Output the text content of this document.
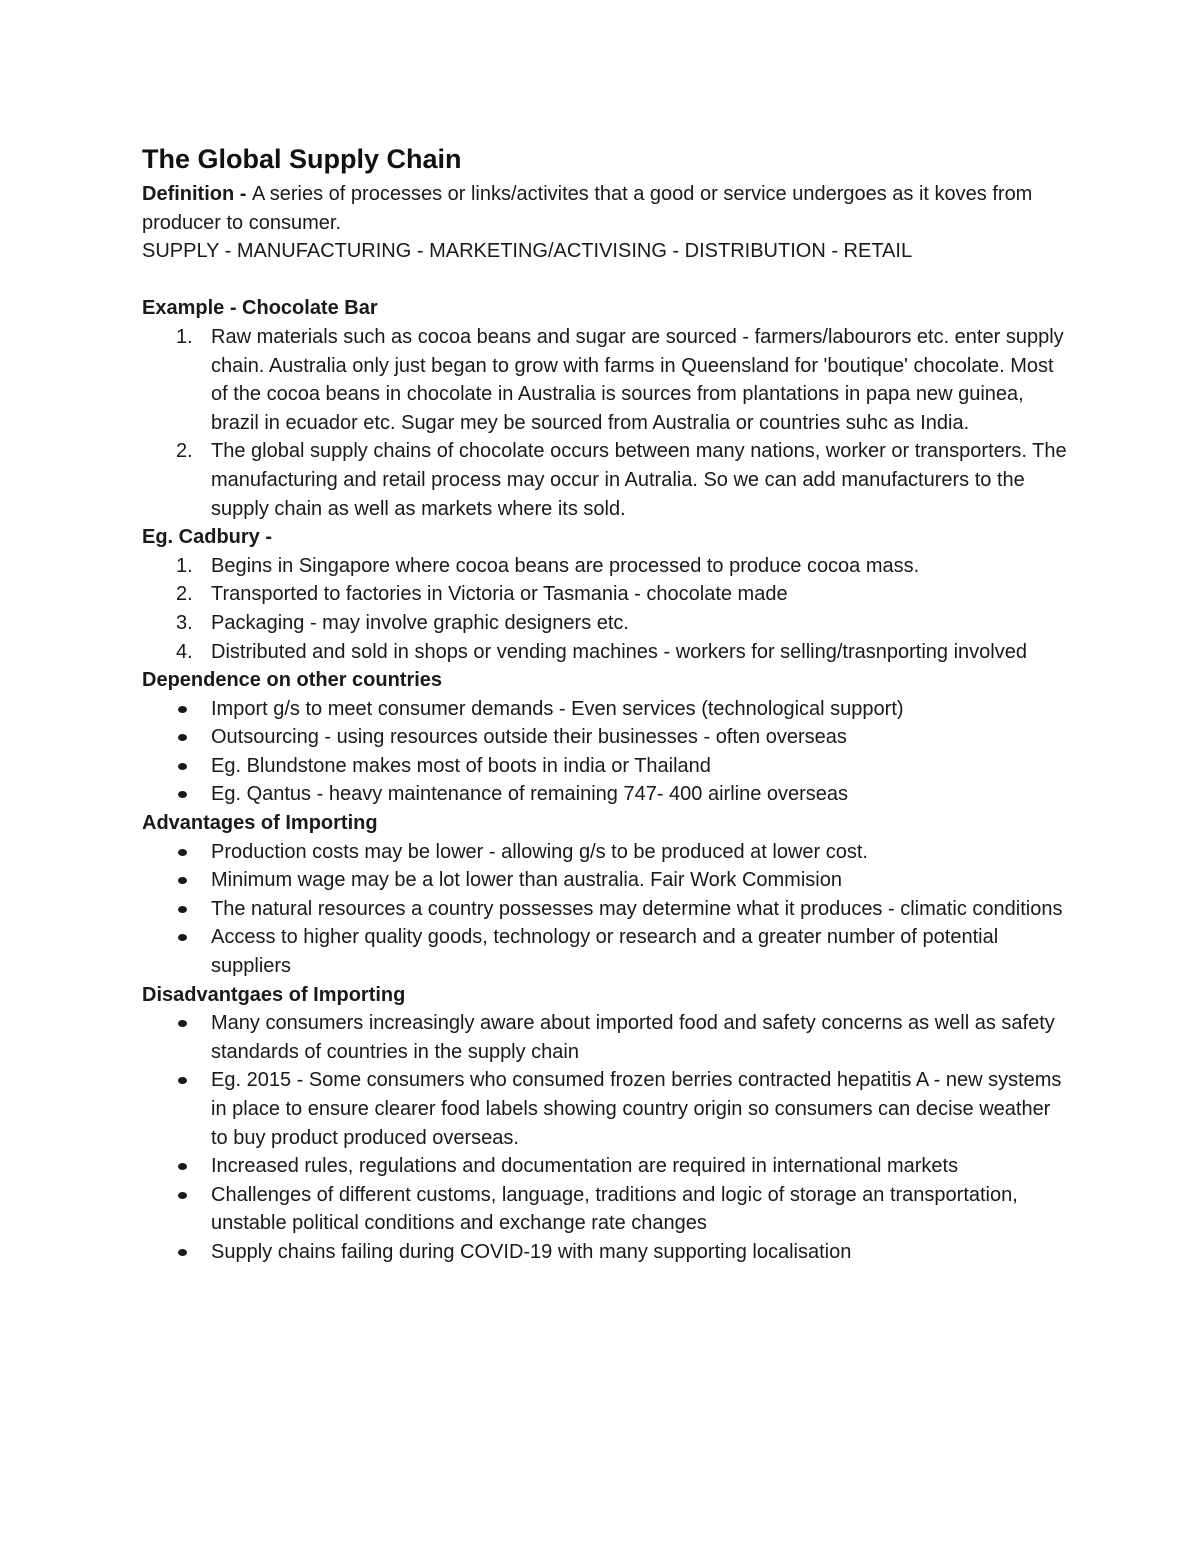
The Global Supply Chain

Definition - A series of processes or links/activites that a good or service undergoes as it koves from producer to consumer.

SUPPLY - MANUFACTURING - MARKETING/ACTIVISING - DISTRIBUTION - RETAIL

Example - Chocolate Bar

1. Raw materials such as cocoa beans and sugar are sourced - farmers/labourors etc. enter supply chain. Australia only just began to grow with farms in Queensland for 'boutique' chocolate. Most of the cocoa beans in chocolate in Australia is sources from plantations in papa new guinea, brazil in ecuador etc. Sugar mey be sourced from Australia or countries suhc as India.
2. The global supply chains of chocolate occurs between many nations, worker or transporters. The manufacturing and retail process may occur in Autralia. So we can add manufacturers to the supply chain as well as markets where its sold.

Eg. Cadbury -

1. Begins in Singapore where cocoa beans are processed to produce cocoa mass.
2. Transported to factories in Victoria or Tasmania - chocolate made
3. Packaging - may involve graphic designers etc.
4. Distributed and sold in shops or vending machines - workers for selling/trasnporting involved

Dependence on other countries

Import g/s to meet consumer demands - Even services (technological support)
Outsourcing - using resources outside their businesses - often overseas
Eg. Blundstone makes most of boots in india or Thailand
Eg. Qantus - heavy maintenance of remaining 747- 400 airline overseas

Advantages of Importing

Production costs may be lower - allowing g/s to be produced at lower cost.
Minimum wage may be a lot lower than australia. Fair Work Commision
The natural resources a country possesses may determine what it produces - climatic conditions
Access to higher quality goods, technology or research and a greater number of potential suppliers

Disadvantgaes of Importing

Many consumers increasingly aware about imported food and safety concerns as well as safety standards of countries in the supply chain
Eg. 2015 - Some consumers who consumed frozen berries contracted hepatitis A - new systems in place to ensure clearer food labels showing country origin so consumers can decise weather to buy product produced overseas.
Increased rules, regulations and documentation are required in international markets
Challenges of different customs, language, traditions and logic of storage an transportation, unstable political conditions and exchange rate changes
Supply chains failing during COVID-19 with many supporting localisation
